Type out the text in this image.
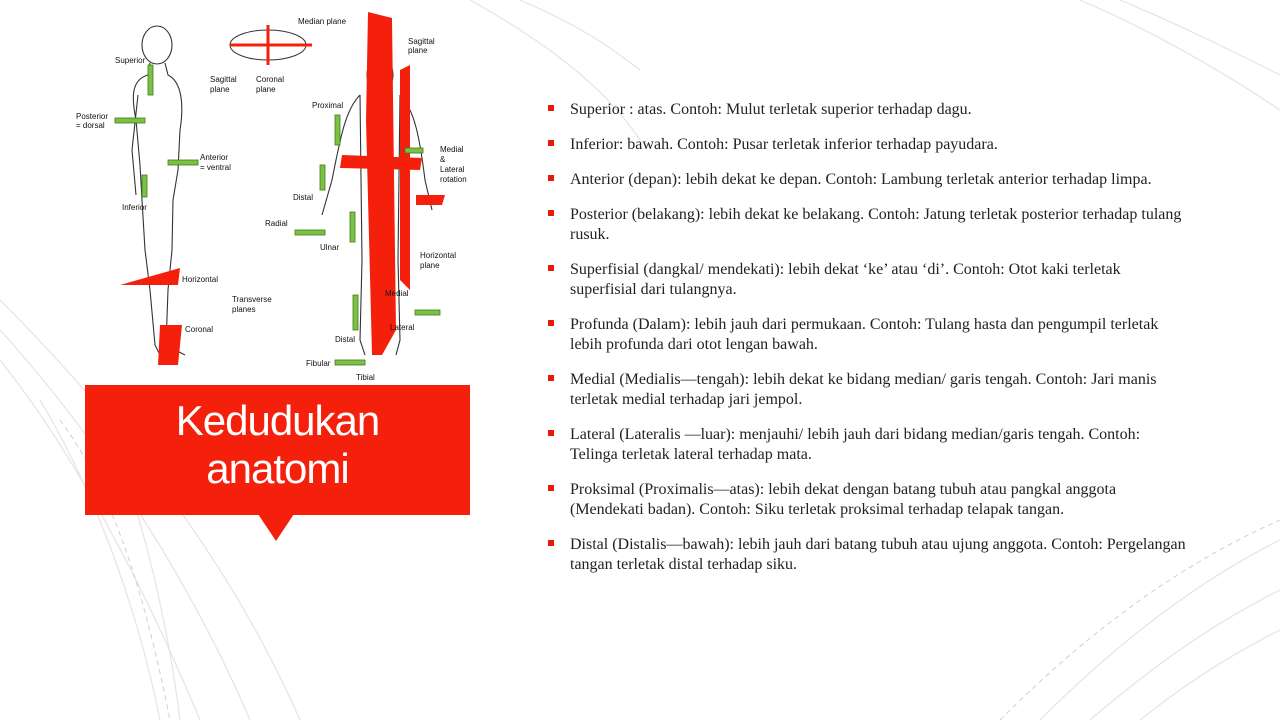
Median plane
Sagittal
plane
Sagittal
plane
Coronal
plane
Superior
Posterior
= dorsal
Anterior
= ventral
Inferior
Horizontal
Transverse
planes
Coronal
Proximal
Distal
Radial
Ulnar
Medial
&
Lateral
rotation
Horizontal
plane
Medial
Lateral
Distal
Fibular
Tibial
Kedudukan
anatomi
Superior : atas. Contoh: Mulut terletak superior terhadap dagu.
Inferior: bawah. Contoh: Pusar terletak inferior terhadap payudara.
Anterior (depan): lebih dekat ke depan. Contoh: Lambung terletak anterior terhadap limpa.
Posterior (belakang): lebih dekat ke belakang. Contoh: Jatung terletak posterior terhadap tulang rusuk.
Superfisial (dangkal/ mendekati): lebih dekat ‘ke’ atau ‘di’. Contoh: Otot kaki terletak superfisial dari tulangnya.
Profunda (Dalam): lebih jauh dari permukaan. Contoh: Tulang hasta dan pengumpil terletak lebih profunda dari otot lengan bawah.
Medial (Medialis—tengah): lebih dekat ke bidang median/ garis tengah. Contoh: Jari manis terletak medial terhadap jari jempol.
Lateral (Lateralis —luar): menjauhi/ lebih jauh dari bidang median/garis tengah. Contoh: Telinga terletak lateral terhadap mata.
Proksimal (Proximalis—atas): lebih dekat dengan batang tubuh atau pangkal anggota (Mendekati badan). Contoh: Siku terletak proksimal terhadap telapak tangan.
Distal (Distalis—bawah): lebih jauh dari batang tubuh atau ujung anggota. Contoh: Pergelangan tangan terletak distal terhadap siku.
